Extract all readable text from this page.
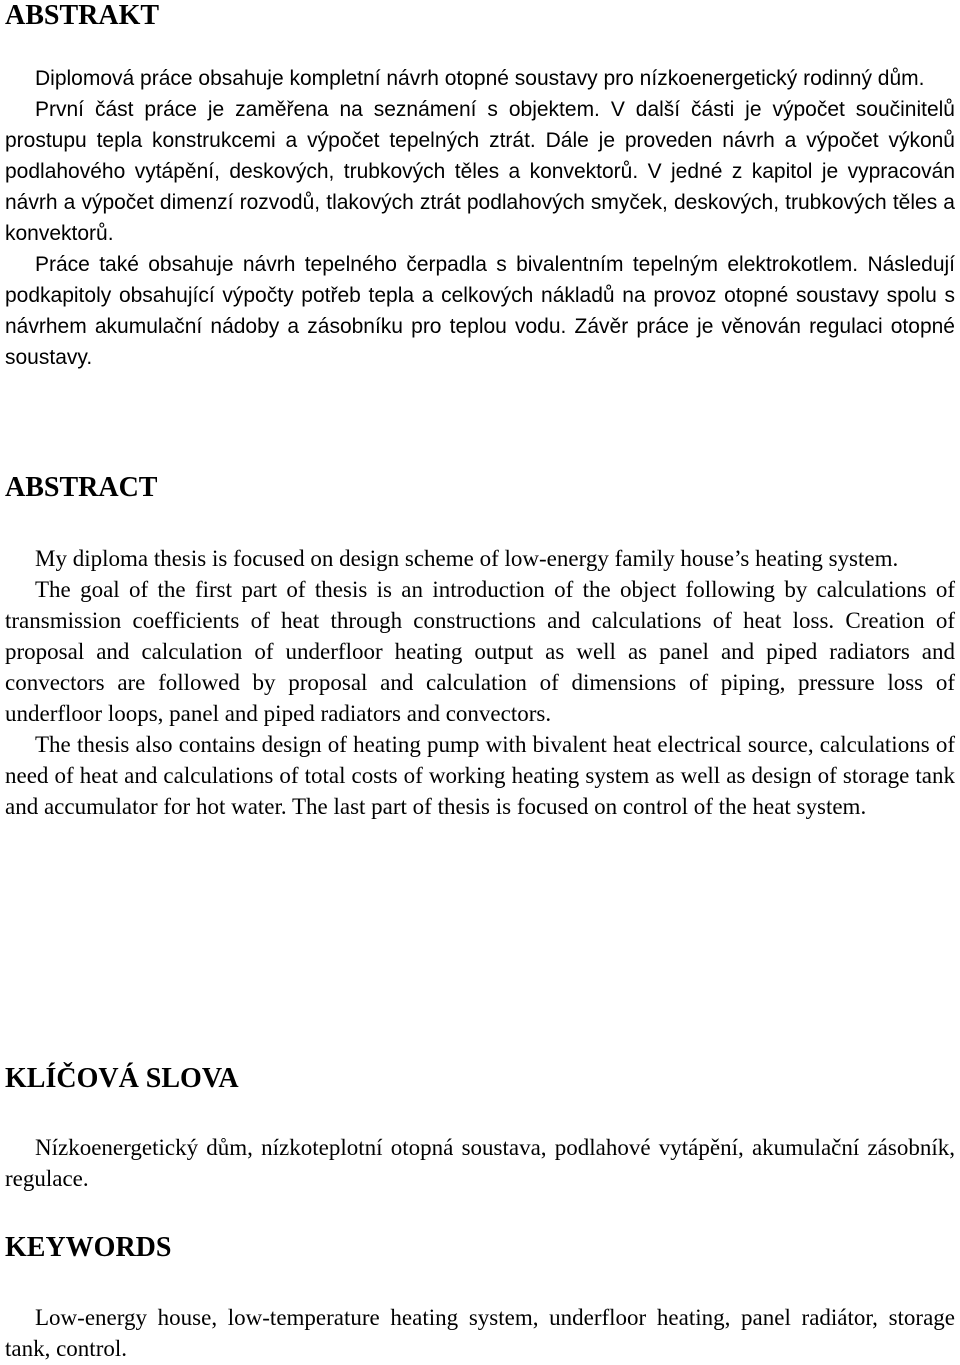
ABSTRAKT

Diplomová práce obsahuje kompletní návrh otopné soustavy pro nízkoenergetický rodinný dům.

První část práce je zaměřena na seznámení s objektem. V další části je výpočet součinitelů prostupu tepla konstrukcemi a výpočet tepelných ztrát. Dále je proveden návrh a výpočet výkonů podlahového vytápění, deskových, trubkových těles a konvektorů. V jedné z kapitol je vypracován návrh a výpočet dimenzí rozvodů, tlakových ztrát podlahových smyček, deskových, trubkových těles a konvektorů.

Práce také obsahuje návrh tepelného čerpadla s bivalentním tepelným elektrokotlem. Následují podkapitoly obsahující výpočty potřeb tepla a celkových nákladů na provoz otopné soustavy spolu s návrhem akumulační nádoby a zásobníku pro teplou vodu. Závěr práce je věnován regulaci otopné soustavy.

ABSTRACT

My diploma thesis is focused on design scheme of low-energy family house’s heating system.

The goal of the first part of thesis is an introduction of the object following by calculations of transmission coefficients of heat through constructions and calculations of heat loss. Creation of proposal and calculation of underfloor heating output as well as panel and piped radiators and convectors are followed by proposal and calculation of dimensions of piping, pressure loss of underfloor loops, panel and piped radiators and convectors.

The thesis also contains design of heating pump with bivalent heat electrical source, calculations of need of heat and calculations of total costs of working heating system as well as design of storage tank and accumulator for hot water. The last part of thesis is focused on control of the heat system.

KLÍČOVÁ SLOVA

Nízkoenergetický dům, nízkoteplotní otopná soustava, podlahové vytápění, akumulační zásobník, regulace.

KEYWORDS

Low-energy house, low-temperature heating system, underfloor heating, panel radiátor, storage tank, control.
